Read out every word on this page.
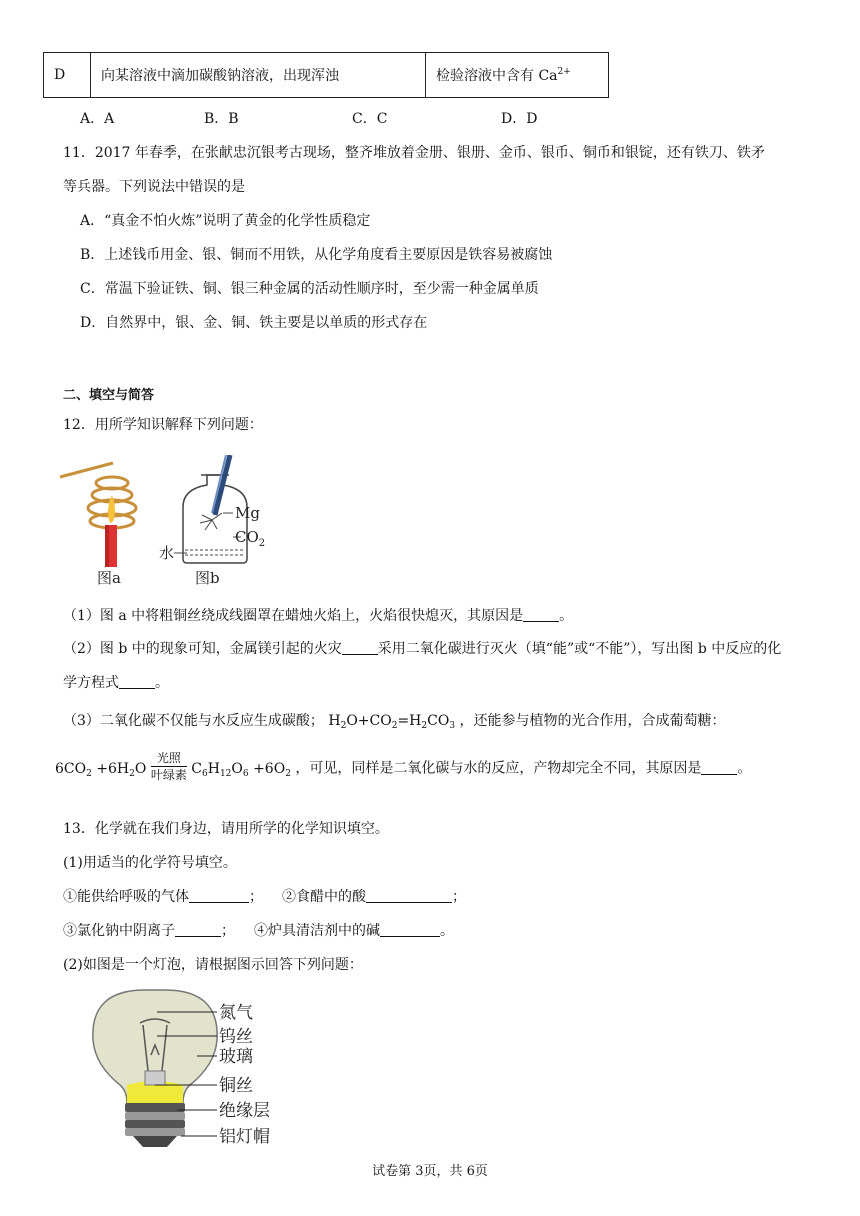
D	向某溶液中滴加碳酸钠溶液，出现浑浊	检验溶液中含有 $Ca^{2+}$
A．A	B．B	C．C	D．D
11．2017 年春季，在张献忠沉银考古现场，整齐堆放着金册、银册、金币、银币、铜币和银锭，还有铁刀、铁矛
等兵器。下列说法中错误的是
A．“真金不怕火炼”说明了黄金的化学性质稳定
B．上述钱币用金、银、铜而不用铁，从化学角度看主要原因是铁容易被腐蚀
C．常温下验证铁、铜、银三种金属的活动性顺序时，至少需一种金属单质
D．自然界中，银、金、铜、铁主要是以单质的形式存在
二、填空与简答
12．用所学知识解释下列问题：
图a
Mg
$CO_2$
水
图b
（1）图 a 中将粗铜丝绕成线圈罩在蜡烛火焰上，火焰很快熄灭，其原因是	。
（2）图 b 中的现象可知，金属镁引起的火灾	采用二氧化碳进行灭火（填“能”或“不能”），写出图 b 中反应的化
学方程式	。
（3）二氧化碳不仅能与水反应生成碳酸； $H_2O+CO_2=H_2CO_3$ ，还能参与植物的光合作用，合成葡萄糖：
$6CO_2 +6H_2O \frac{\text{光照}}{\text{叶绿素}} C_6H_{12}O_6 +6O_2$ ，可见，同样是二氧化碳与水的反应，产物却完全不同，其原因是	。
13．化学就在我们身边，请用所学的化学知识填空。
(1)用适当的化学符号填空。
①能供给呼吸的气体	； ②食醋中的酸	；
③氯化钠中阴离子	； ④炉具清洁剂中的碱	。
(2)如图是一个灯泡，请根据图示回答下列问题：
氮气
钨丝
玻璃
铜丝
绝缘层
铝灯帽
试卷第 3页，共 6页
